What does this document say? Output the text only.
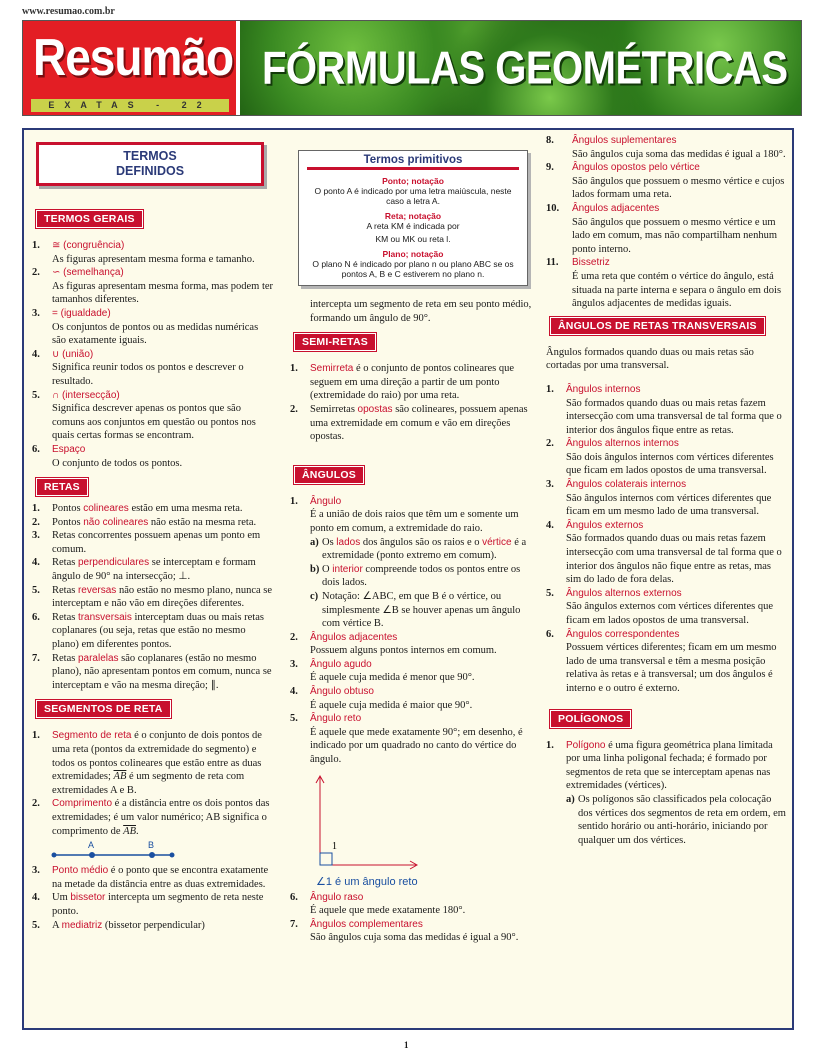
www.resumao.com.br
Resumão
EXATAS - 22
FÓRMULAS GEOMÉTRICAS
TERMOS
DEFINIDOS
TERMOS GERAIS
1. ≅ (congruência)
As figuras apresentam mesma forma e tamanho.
2. ∽ (semelhança)
As figuras apresentam mesma forma, mas podem ter tamanhos diferentes.
3. = (igualdade)
Os conjuntos de pontos ou as medidas numéricas são exatamente iguais.
4. ∪ (união)
Significa reunir todos os pontos e descrever o resultado.
5. ∩ (intersecção)
Significa descrever apenas os pontos que são comuns aos conjuntos em questão ou pontos nos quais certas formas se encontram.
6. Espaço
O conjunto de todos os pontos.
RETAS
1. Pontos colineares estão em uma mesma reta.
2. Pontos não colineares não estão na mesma reta.
3. Retas concorrentes possuem apenas um ponto em comum.
4. Retas perpendiculares se interceptam e formam ângulo de 90° na intersecção; ⊥.
5. Retas reversas não estão no mesmo plano, nunca se interceptam e não vão em direções diferentes.
6. Retas transversais interceptam duas ou mais retas coplanares (ou seja, retas que estão no mesmo plano) em diferentes pontos.
7. Retas paralelas são coplanares (estão no mesmo plano), não apresentam pontos em comum, nunca se interceptam e vão na mesma direção; ∥.
SEGMENTOS DE RETA
1. Segmento de reta é o conjunto de dois pontos de uma reta (pontos da extremidade do segmento) e todos os pontos colineares que estão entre as duas extremidades; $\overline{AB}$ é um segmento de reta com extremidades A e B.
2. Comprimento é a distância entre os dois pontos das extremidades; é um valor numérico; AB significa o comprimento de $\overline{AB}$.
A	B
3. Ponto médio é o ponto que se encontra exatamente na metade da distância entre as duas extremidades.
4. Um bissetor intercepta um segmento de reta neste ponto.
5. A mediatriz (bissetor perpendicular)
Termos primitivos
Ponto; notação
O ponto A é indicado por uma letra maiúscula, neste caso a letra A.
Reta; notação
A reta KM é indicada por
KM ou MK ou reta l.
Plano; notação
O plano N é indicado por plano n ou plano ABC se os pontos A, B e C estiverem no plano n.
intercepta um segmento de reta em seu ponto médio, formando um ângulo de 90°.
SEMI-RETAS
1. Semirreta é o conjunto de pontos colineares que seguem em uma direção a partir de um ponto (extremidade do raio) por uma reta.
2. Semirretas opostas são colineares, possuem apenas uma extremidade em comum e vão em direções opostas.
ÂNGULOS
1. Ângulo
É a união de dois raios que têm um e somente um ponto em comum, a extremidade do raio.
a) Os lados dos ângulos são os raios e o vértice é a extremidade (ponto extremo em comum).
b) O interior compreende todos os pontos entre os dois lados.
c) Notação: ∠ABC, em que B é o vértice, ou simplesmente ∠B se houver apenas um ângulo com vértice B.
2. Ângulos adjacentes
Possuem alguns pontos internos em comum.
3. Ângulo agudo
É aquele cuja medida é menor que 90°.
4. Ângulo obtuso
É aquele cuja medida é maior que 90°.
5. Ângulo reto
É aquele que mede exatamente 90°; em desenho, é indicado por um quadrado no canto do vértice do ângulo.
1
∠1 é um ângulo reto
6. Ângulo raso
É aquele que mede exatamente 180°.
7. Ângulos complementares
São ângulos cuja soma das medidas é igual a 90°.
8. Ângulos suplementares
São ângulos cuja soma das medidas é igual a 180°.
9. Ângulos opostos pelo vértice
São ângulos que possuem o mesmo vértice e cujos lados formam uma reta.
10. Ângulos adjacentes
São ângulos que possuem o mesmo vértice e um lado em comum, mas não compartilham nenhum ponto interno.
11. Bissetriz
É uma reta que contém o vértice do ângulo, está situada na parte interna e separa o ângulo em dois ângulos adjacentes de medidas iguais.
ÂNGULOS DE RETAS TRANSVERSAIS
Ângulos formados quando duas ou mais retas são cortadas por uma transversal.
1. Ângulos internos
São formados quando duas ou mais retas fazem intersecção com uma transversal de tal forma que o interior dos ângulos fique entre as retas.
2. Ângulos alternos internos
São dois ângulos internos com vértices diferentes que ficam em lados opostos de uma transversal.
3. Ângulos colaterais internos
São ângulos internos com vértices diferentes que ficam em um mesmo lado de uma transversal.
4. Ângulos externos
São formados quando duas ou mais retas fazem intersecção com uma transversal de tal forma que o interior dos ângulos não fique entre as retas, mas sim do lado de fora delas.
5. Ângulos alternos externos
São ângulos externos com vértices diferentes que ficam em lados opostos de uma transversal.
6. Ângulos correspondentes
Possuem vértices diferentes; ficam em um mesmo lado de uma transversal e têm a mesma posição relativa às retas e à transversal; um dos ângulos é interno e o outro é externo.
POLÍGONOS
1. Polígono é uma figura geométrica plana limitada por uma linha poligonal fechada; é formado por segmentos de reta que se interceptam apenas nas extremidades (vértices).
a) Os polígonos são classificados pela colocação dos vértices dos segmentos de reta em ordem, em sentido horário ou anti-horário, iniciando por qualquer um dos vértices.
1
